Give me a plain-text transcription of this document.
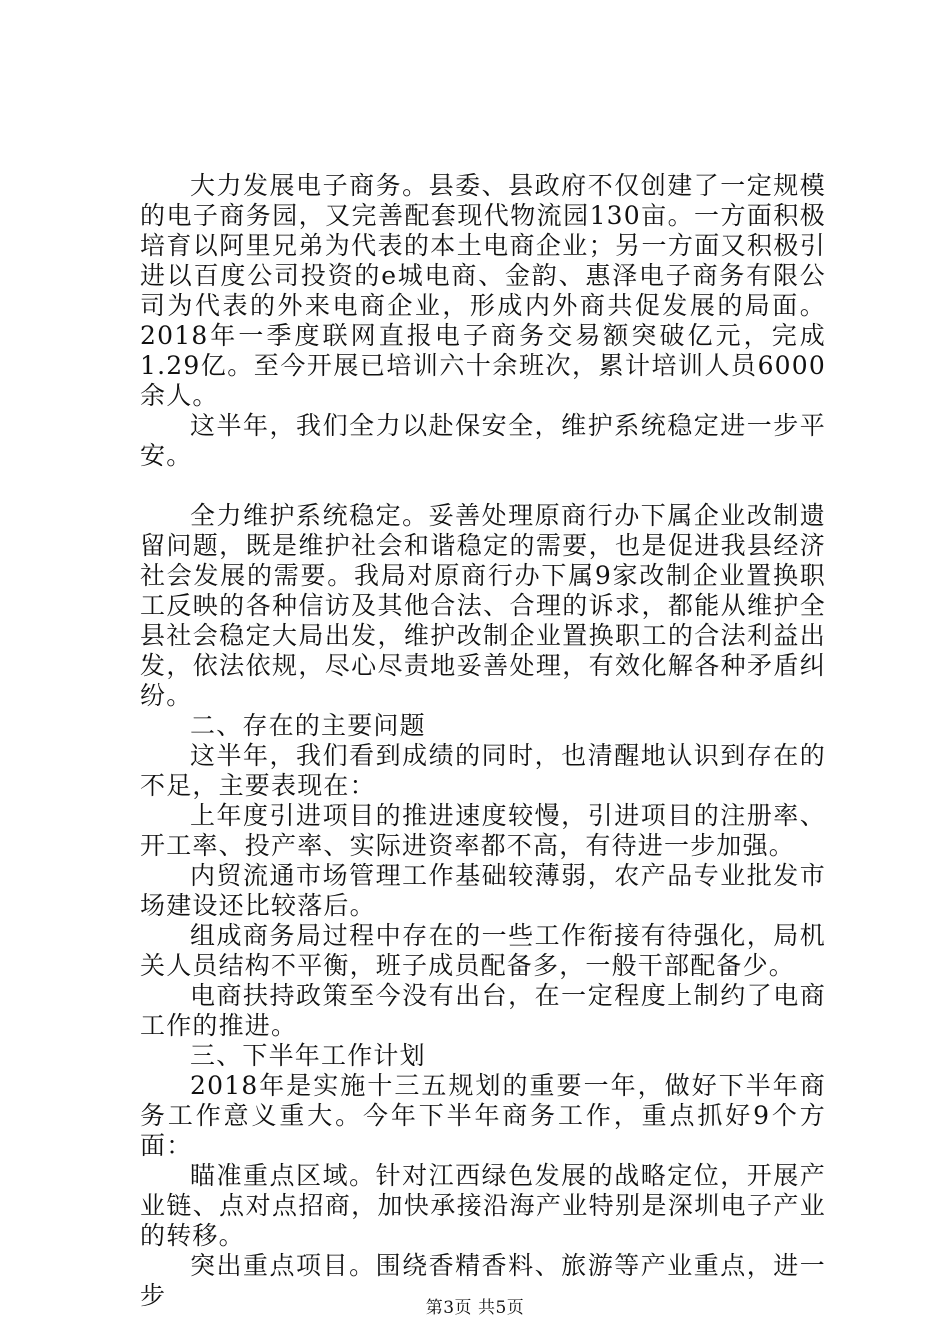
大力发展电子商务。县委、县政府不仅创建了一定规模的电子商务园，又完善配套现代物流园130亩。一方面积极培育以阿里兄弟为代表的本土电商企业；另一方面又积极引进以百度公司投资的e城电商、金韵、惠泽电子商务有限公司为代表的外来电商企业，形成内外商共促发展的局面。2018年一季度联网直报电子商务交易额突破亿元，完成1.29亿。至今开展已培训六十余班次，累计培训人员6000余人。

这半年，我们全力以赴保安全，维护系统稳定进一步平安。

全力维护系统稳定。妥善处理原商行办下属企业改制遗留问题，既是维护社会和谐稳定的需要，也是促进我县经济社会发展的需要。我局对原商行办下属9家改制企业置换职工反映的各种信访及其他合法、合理的诉求，都能从维护全县社会稳定大局出发，维护改制企业置换职工的合法利益出发，依法依规，尽心尽责地妥善处理，有效化解各种矛盾纠纷。

二、存在的主要问题

这半年，我们看到成绩的同时，也清醒地认识到存在的不足，主要表现在：

上年度引进项目的推进速度较慢，引进项目的注册率、开工率、投产率、实际进资率都不高，有待进一步加强。

内贸流通市场管理工作基础较薄弱，农产品专业批发市场建设还比较落后。

组成商务局过程中存在的一些工作衔接有待强化，局机关人员结构不平衡，班子成员配备多，一般干部配备少。

电商扶持政策至今没有出台，在一定程度上制约了电商工作的推进。

三、下半年工作计划

2018年是实施十三五规划的重要一年，做好下半年商务工作意义重大。今年下半年商务工作，重点抓好9个方面：

瞄准重点区域。针对江西绿色发展的战略定位，开展产业链、点对点招商，加快承接沿海产业特别是深圳电子产业的转移。

突出重点项目。围绕香精香料、旅游等产业重点，进一步	第3页 共5页
